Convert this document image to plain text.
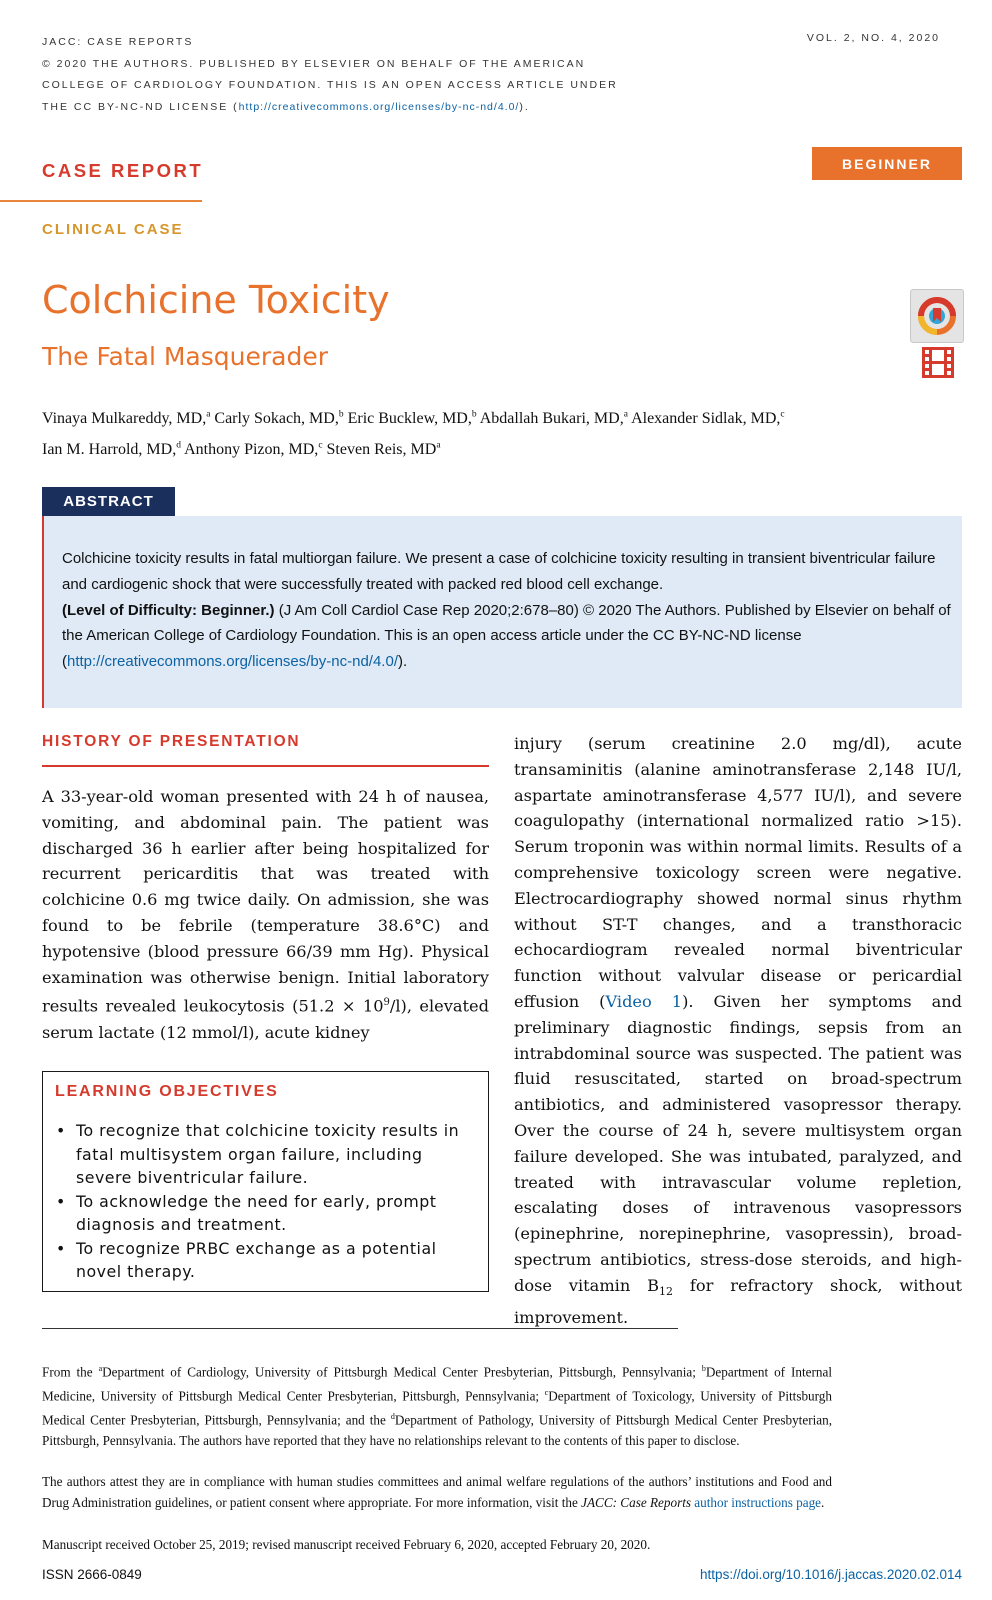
JACC: CASE REPORTS
© 2020 THE AUTHORS. PUBLISHED BY ELSEVIER ON BEHALF OF THE AMERICAN
COLLEGE OF CARDIOLOGY FOUNDATION. THIS IS AN OPEN ACCESS ARTICLE UNDER
THE CC BY-NC-ND LICENSE (http://creativecommons.org/licenses/by-nc-nd/4.0/).
VOL. 2, NO. 4, 2020
CASE REPORT	BEGINNER
CLINICAL CASE
Colchicine Toxicity
The Fatal Masquerader
Vinaya Mulkareddy, MD,$^a$ Carly Sokach, MD,$^b$ Eric Bucklew, MD,$^b$ Abdallah Bukari, MD,$^a$ Alexander Sidlak, MD,$^c$
Ian M. Harrold, MD,$^d$ Anthony Pizon, MD,$^c$ Steven Reis, $MD^a$
ABSTRACT
Colchicine toxicity results in fatal multiorgan failure. We present a case of colchicine toxicity resulting in transient biventricular failure and cardiogenic shock that were successfully treated with packed red blood cell exchange.
(Level of Difficulty: Beginner.) (J Am Coll Cardiol Case Rep 2020;2:678–80) © 2020 The Authors. Published by Elsevier on behalf of the American College of Cardiology Foundation. This is an open access article under the CC BY-NC-ND license (http://creativecommons.org/licenses/by-nc-nd/4.0/).
HISTORY OF PRESENTATION
A 33-year-old woman presented with 24 h of nausea, vomiting, and abdominal pain. The patient was discharged 36 h earlier after being hospitalized for recurrent pericarditis that was treated with colchicine 0.6 mg twice daily. On admission, she was found to be febrile (temperature 38.6°C) and hypotensive (blood pressure 66/39 mm Hg). Physical examination was otherwise benign. Initial laboratory results revealed leukocytosis $(51.2 \times 10^9/l)$, elevated serum lactate (12 mmol/l), acute kidney
LEARNING OBJECTIVES
• To recognize that colchicine toxicity results in fatal multisystem organ failure, including severe biventricular failure.
• To acknowledge the need for early, prompt diagnosis and treatment.
• To recognize PRBC exchange as a potential novel therapy.
injury (serum creatinine 2.0 mg/dl), acute transaminitis (alanine aminotransferase 2,148 IU/l, aspartate aminotransferase 4,577 IU/l), and severe coagulopathy (international normalized ratio >15). Serum troponin was within normal limits. Results of a comprehensive toxicology screen were negative. Electrocardiography showed normal sinus rhythm without ST-T changes, and a transthoracic echocardiogram revealed normal biventricular function without valvular disease or pericardial effusion (Video 1). Given her symptoms and preliminary diagnostic findings, sepsis from an intrabdominal source was suspected. The patient was fluid resuscitated, started on broad-spectrum antibiotics, and administered vasopressor therapy. Over the course of 24 h, severe multisystem organ failure developed. She was intubated, paralyzed, and treated with intravascular volume repletion, escalating doses of intravenous vasopressors (epinephrine, norepinephrine, vasopressin), broad-spectrum antibiotics, stress-dose steroids, and high-dose vitamin $B_{12}$ for refractory shock, without improvement.
From the $^a$Department of Cardiology, University of Pittsburgh Medical Center Presbyterian, Pittsburgh, Pennsylvania; $^b$Department of Internal Medicine, University of Pittsburgh Medical Center Presbyterian, Pittsburgh, Pennsylvania; $^c$Department of Toxicology, University of Pittsburgh Medical Center Presbyterian, Pittsburgh, Pennsylvania; and the $^d$Department of Pathology, University of Pittsburgh Medical Center Presbyterian, Pittsburgh, Pennsylvania. The authors have reported that they have no relationships relevant to the contents of this paper to disclose.
The authors attest they are in compliance with human studies committees and animal welfare regulations of the authors’ institutions and Food and Drug Administration guidelines, or patient consent where appropriate. For more information, visit the JACC: Case Reports author instructions page.
Manuscript received October 25, 2019; revised manuscript received February 6, 2020, accepted February 20, 2020.
ISSN 2666-0849	https://doi.org/10.1016/j.jaccas.2020.02.014
